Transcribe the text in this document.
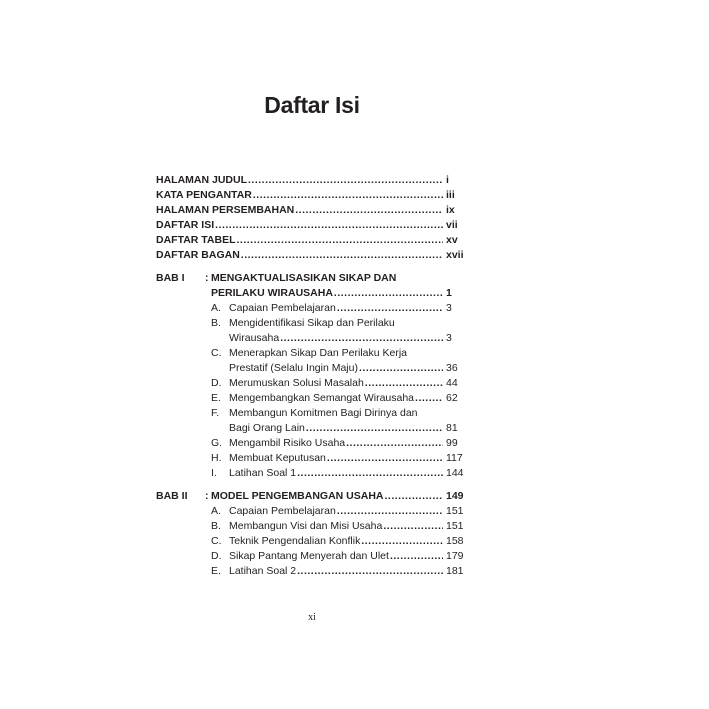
Daftar Isi
HALAMAN JUDUL .....	i
KATA PENGANTAR .....	iii
HALAMAN PERSEMBAHAN .....	ix
DAFTAR ISI .....	vii
DAFTAR TABEL .....	xv
DAFTAR BAGAN .....	xvii
BAB I : MENGAKTUALISASIKAN SIKAP DAN
PERILAKU WIRAUSAHA .....	1
A. Capaian Pembelajaran .....	3
B. Mengidentifikasi Sikap dan Perilaku
Wirausaha .....	3
C. Menerapkan Sikap Dan Perilaku Kerja
Prestatif (Selalu Ingin Maju) .....	36
D. Merumuskan Solusi Masalah .....	44
E. Mengembangkan Semangat Wirausaha .....	62
F. Membangun Komitmen Bagi Dirinya dan
Bagi Orang Lain .....	81
G. Mengambil Risiko Usaha .....	99
H. Membuat Keputusan .....	117
I.	Latihan Soal 1 .....	144
BAB II : MODEL PENGEMBANGAN USAHA .....	149
A. Capaian Pembelajaran .....	151
B. Membangun Visi dan Misi Usaha .....	151
C. Teknik Pengendalian Konflik .....	158
D. Sikap Pantang Menyerah dan Ulet .....	179
E. Latihan Soal 2 .....	181
xi
